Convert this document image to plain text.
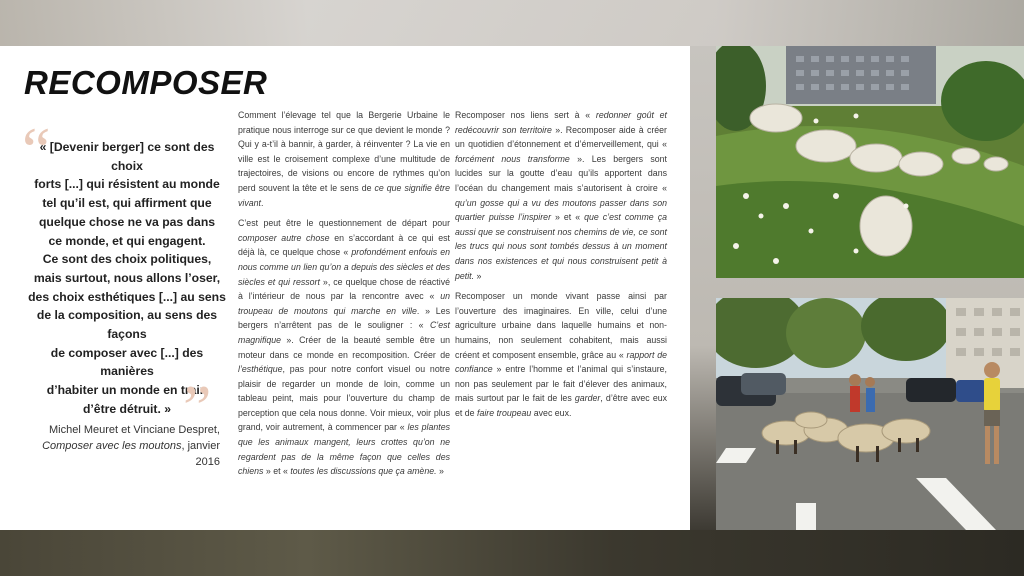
RECOMPOSER
“
« [Devenir berger] ce sont des choix
forts [...] qui résistent au monde
tel qu’il est, qui affirment que
quelque chose ne va pas dans
ce monde, et qui engagent.
Ce sont des choix politiques,
mais surtout, nous allons l’oser,
des choix esthétiques [...] au sens
de la composition, au sens des façons
de composer avec [...] des manières
d’habiter un monde en train
d’être détruit. » ”
Michel Meuret et Vinciane Despret,
Composer avec les moutons, janvier 2016

Comment l’élevage tel que la Bergerie Urbaine le pratique nous interroge sur ce que devient le monde ? Qui y a-t’il à bannir, à garder, à réinventer ? La vie en ville est le croisement complexe d’une multitude de trajectoires, de visions ou encore de rythmes qu’on perd souvent la tête et le sens de ce que signifie être vivant.

C’est peut être le questionnement de départ pour composer autre chose en s’accordant à ce qui est déjà là, ce quelque chose « profondément enfouis en nous comme un lien qu’on a depuis des siècles et des siècles et qui ressort », ce quelque chose de réactivé à l’intérieur de nous par la rencontre avec « un troupeau de moutons qui marche en ville. » Les bergers n’arrêtent pas de le souligner : « C’est magnifique ». Créer de la beauté semble être un moteur dans ce monde en recomposition. Créer de l’esthétique, pas pour notre confort visuel ou notre plaisir de regarder un monde de loin, comme un tableau peint, mais pour l’ouverture du champ de perception que cela nous donne. Voir mieux, voir plus grand, voir autrement, à commencer par « les plantes que les animaux mangent, leurs crottes qu’on ne regardent pas de la même façon que celles des chiens » et « toutes les discussions que ça amène. »

Recomposer nos liens sert à « redonner goût et redécouvrir son territoire ». Recomposer aide à créer un quotidien d’étonnement et d’émerveillement, qui « forcément nous transforme ». Les bergers sont lucides sur la goutte d’eau qu’ils apportent dans l’océan du changement mais s’autorisent à croire « qu’un gosse qui a vu des moutons passer dans son quartier puisse l’inspirer » et « que c’est comme ça aussi que se construisent nos chemins de vie, ce sont les trucs qui nous sont tombés dessus à un moment dans nos existences et qui nous construisent petit à petit. »

Recomposer un monde vivant passe ainsi par l’ouverture des imaginaires. En ville, celui d’une agriculture urbaine dans laquelle humains et non-humains, non seulement cohabitent, mais aussi créent et composent ensemble, grâce au « rapport de confiance » entre l’homme et l’animal qui s’instaure, non pas seulement par le fait d’élever des animaux, mais surtout par le fait de les garder, d’être avec eux et de faire troupeau avec eux.
